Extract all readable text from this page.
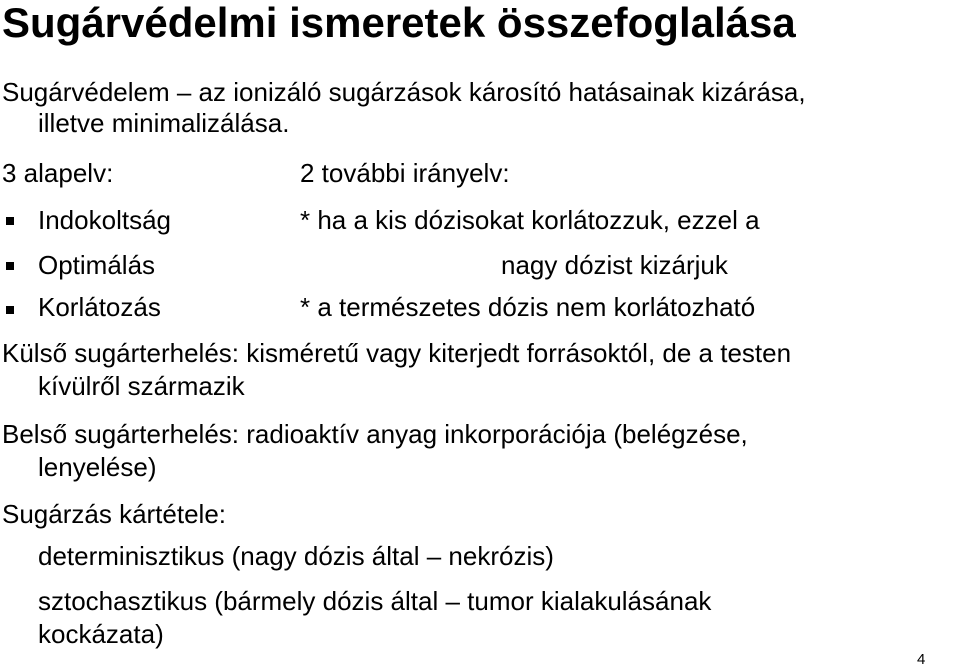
Sugárvédelmi ismeretek összefoglalása
Sugárvédelem – az ionizáló sugárzások károsító hatásainak kizárása,
illetve minimalizálása.
3 alapelv:	2 további irányelv:
Indokoltság	* ha a kis dózisokat korlátozzuk, ezzel a
Optimálás	nagy dózist kizárjuk
Korlátozás	* a természetes dózis nem korlátozható
Külső sugárterhelés: kisméretű vagy kiterjedt forrásoktól, de a testen
kívülről származik
Belső sugárterhelés: radioaktív anyag inkorporációja (belégzése,
lenyelése)
Sugárzás kártétele:
determinisztikus (nagy dózis által – nekrózis)
sztochasztikus (bármely dózis által – tumor kialakulásának
kockázata)
4
